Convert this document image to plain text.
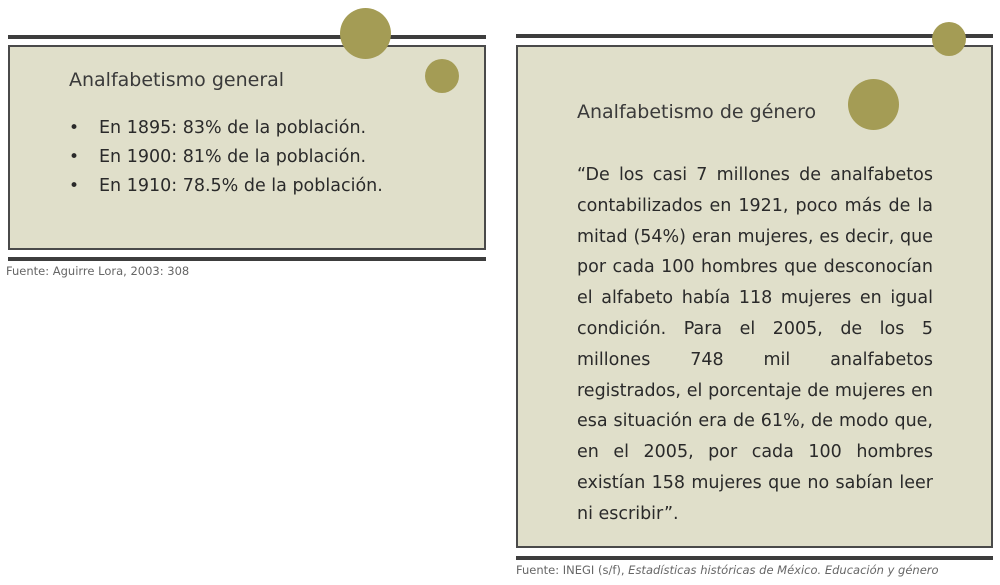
Analfabetismo general
•	En 1895: 83% de la población.
•	En 1900: 81% de la población.
•	En 1910: 78.5% de la población.
Fuente: Aguirre Lora, 2003: 308
Analfabetismo de género

“De los casi 7 millones de analfabetos contabilizados en 1921, poco más de la mitad (54%) eran mujeres, es decir, que por cada 100 hombres que desconocían el alfabeto había 118 mujeres en igual condición. Para el 2005, de los 5 millones 748 mil analfabetos registrados, el porcentaje de mujeres en esa situación era de 61%, de modo que, en el 2005, por cada 100 hombres existían 158 mujeres que no sabían leer ni escribir”.

Fuente: INEGI (s/f), Estadísticas históricas de México. Educación y género
